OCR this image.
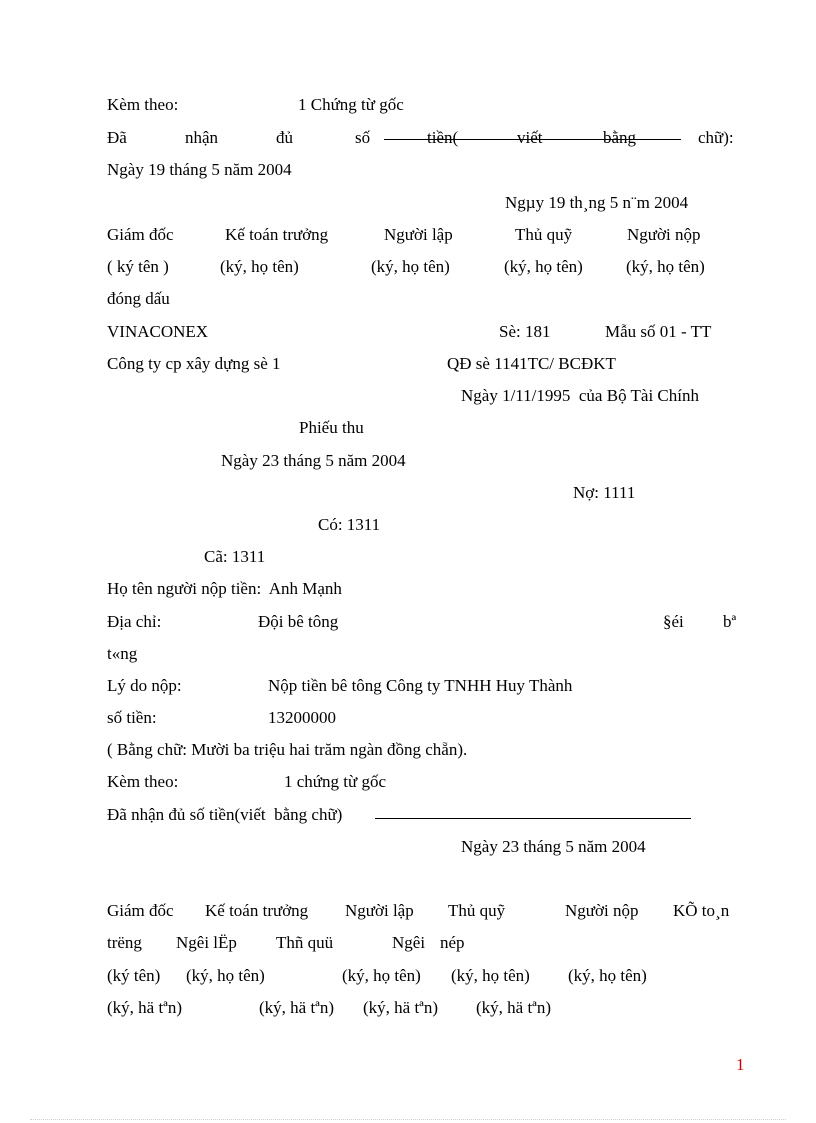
Kèm theo:	1 Chứng từ gốc
Đã	nhận	đủ	số	tiền(	viết	bằng	chữ):
Ngày 19 tháng 5 năm 2004
Ngµy 19 th¸ng 5 n¨m 2004
Giám đốc	Kế toán trưởng	Người lập	Thủ quỹ	Người nộp
( ký tên )	(ký, họ tên)	(ký, họ tên)	(ký, họ tên)	(ký, họ tên)
đóng dấu
VINACONEX	Sè: 181	Mẫu số 01 - TT
Công ty cp xây dựng sè 1	QĐ sè 1141TC/ BCĐKT
Ngày 1/11/1995  của Bộ Tài Chính
Phiếu thu
Ngày 23 tháng 5 năm 2004
Nợ: 1111
Có: 1311
Cã: 1311
Họ tên người nộp tiền:  Anh Mạnh
Địa chỉ:	Đội bê tông	§éi bª
t«ng
Lý do nộp:	Nộp tiền bê tông Công ty TNHH Huy Thành
số tiền:	13200000
( Bằng chữ: Mười ba triệu hai trăm ngàn đồng chẵn).
Kèm theo:	1 chứng từ gốc
Đã nhận đủ số tiền(viết  bằng chữ)
Ngày 23 tháng 5 năm 2004
Giám đốc Kế toán trưởng Người lập Thủ quỹ	Người nộp KÕ to¸n
trëng Ngêi lËp Thñ quü	Ngêi nép
(ký tên) (ký, họ tên)	(ký, họ tên) (ký, họ tên) (ký, họ tên)
(ký, hä tªn)	(ký, hä tªn) (ký, hä tªn) (ký, hä tªn)
1
